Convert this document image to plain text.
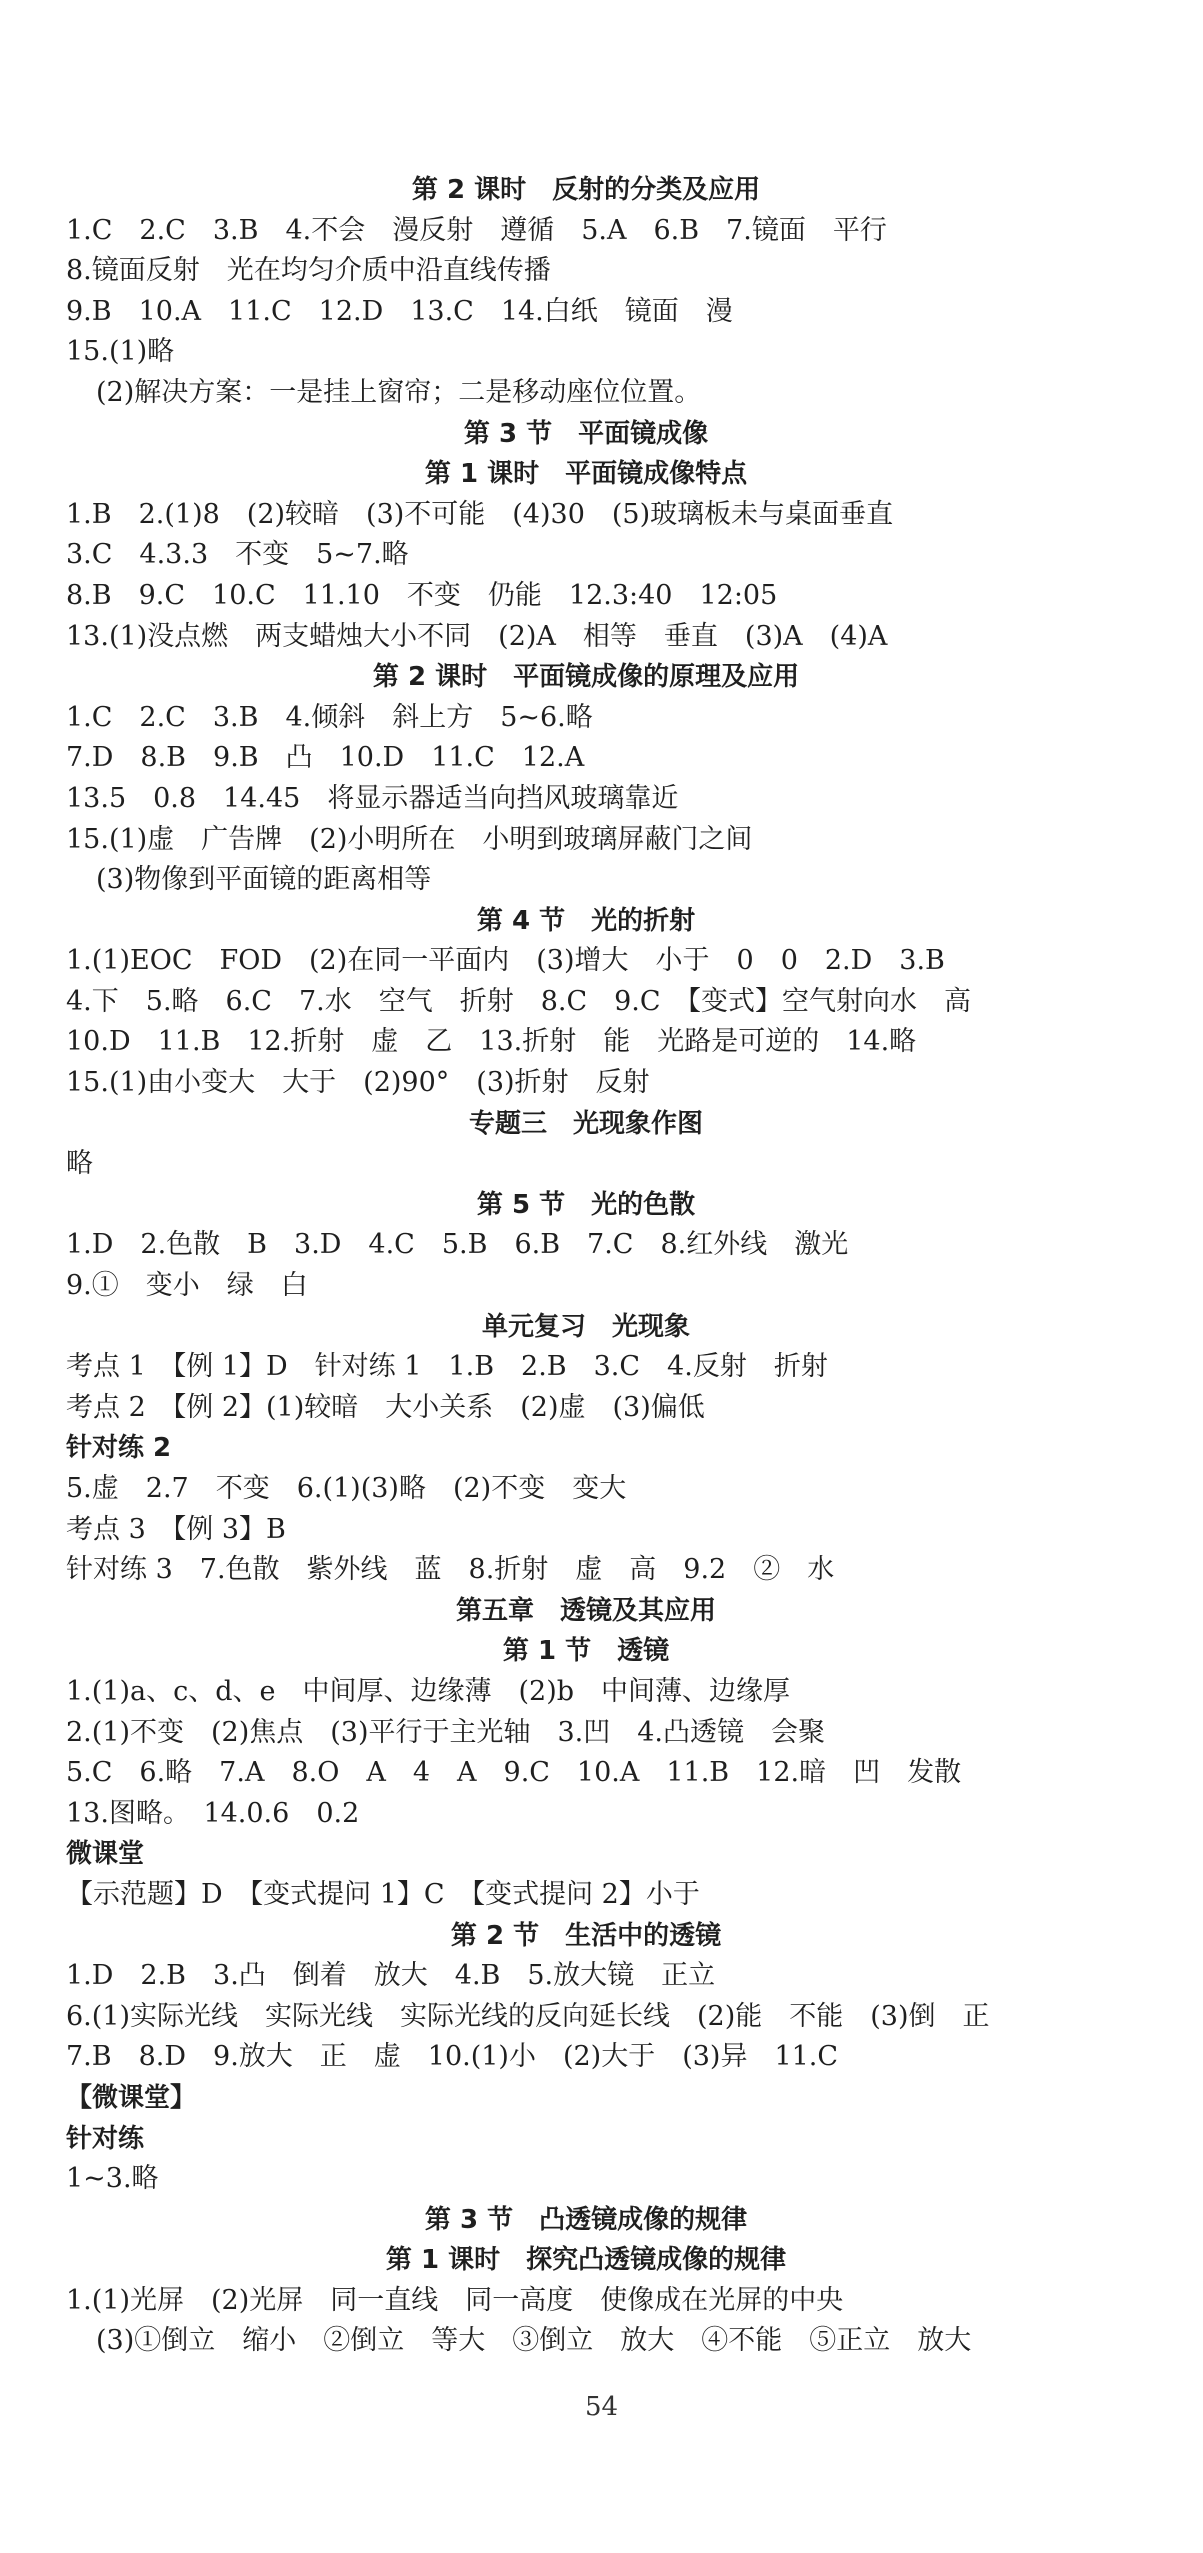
第 2 课时　反射的分类及应用
1.C　2.C　3.B　4.不会　漫反射　遵循　5.A　6.B　7.镜面　平行
8.镜面反射　光在均匀介质中沿直线传播
9.B　10.A　11.C　12.D　13.C　14.白纸　镜面　漫
15.(1)略
(2)解决方案：一是挂上窗帘；二是移动座位位置。
第 3 节　平面镜成像
第 1 课时　平面镜成像特点
1.B　2.(1)8　(2)较暗　(3)不可能　(4)30　(5)玻璃板未与桌面垂直
3.C　4.3.3　不变　5~7.略
8.B　9.C　10.C　11.10　不变　仍能　12.3:40　12:05
13.(1)没点燃　两支蜡烛大小不同　(2)A　相等　垂直　(3)A　(4)A
第 2 课时　平面镜成像的原理及应用
1.C　2.C　3.B　4.倾斜　斜上方　5~6.略
7.D　8.B　9.B　凸　10.D　11.C　12.A
13.5　0.8　14.45　将显示器适当向挡风玻璃靠近
15.(1)虚　广告牌　(2)小明所在　小明到玻璃屏蔽门之间
(3)物像到平面镜的距离相等
第 4 节　光的折射
1.(1)EOC　FOD　(2)在同一平面内　(3)增大　小于　0　0　2.D　3.B
4.下　5.略　6.C　7.水　空气　折射　8.C　9.C　【变式】空气射向水　高
10.D　11.B　12.折射　虚　乙　13.折射　能　光路是可逆的　14.略
15.(1)由小变大　大于　(2)90°　(3)折射　反射
专题三　光现象作图
略
第 5 节　光的色散
1.D　2.色散　B　3.D　4.C　5.B　6.B　7.C　8.红外线　激光
9.①　变小　绿　白
单元复习　光现象
考点 1　【例 1】D　针对练 1　1.B　2.B　3.C　4.反射　折射
考点 2　【例 2】(1)较暗　大小关系　(2)虚　(3)偏低
针对练 2
5.虚　2.7　不变　6.(1)(3)略　(2)不变　变大
考点 3　【例 3】B
针对练 3　7.色散　紫外线　蓝　8.折射　虚　高　9.2　②　水
第五章　透镜及其应用
第 1 节　透镜
1.(1)a、c、d、e　中间厚、边缘薄　(2)b　中间薄、边缘厚
2.(1)不变　(2)焦点　(3)平行于主光轴　3.凹　4.凸透镜　会聚
5.C　6.略　7.A　8.O　A　4　A　9.C　10.A　11.B　12.暗　凹　发散
13.图略。　14.0.6　0.2
微课堂
【示范题】D　【变式提问 1】C　【变式提问 2】小于
第 2 节　生活中的透镜
1.D　2.B　3.凸　倒着　放大　4.B　5.放大镜　正立
6.(1)实际光线　实际光线　实际光线的反向延长线　(2)能　不能　(3)倒　正
7.B　8.D　9.放大　正　虚　10.(1)小　(2)大于　(3)异　11.C
【微课堂】
针对练
1~3.略
第 3 节　凸透镜成像的规律
第 1 课时　探究凸透镜成像的规律
1.(1)光屏　(2)光屏　同一直线　同一高度　使像成在光屏的中央
(3)①倒立　缩小　②倒立　等大　③倒立　放大　④不能　⑤正立　放大
54
